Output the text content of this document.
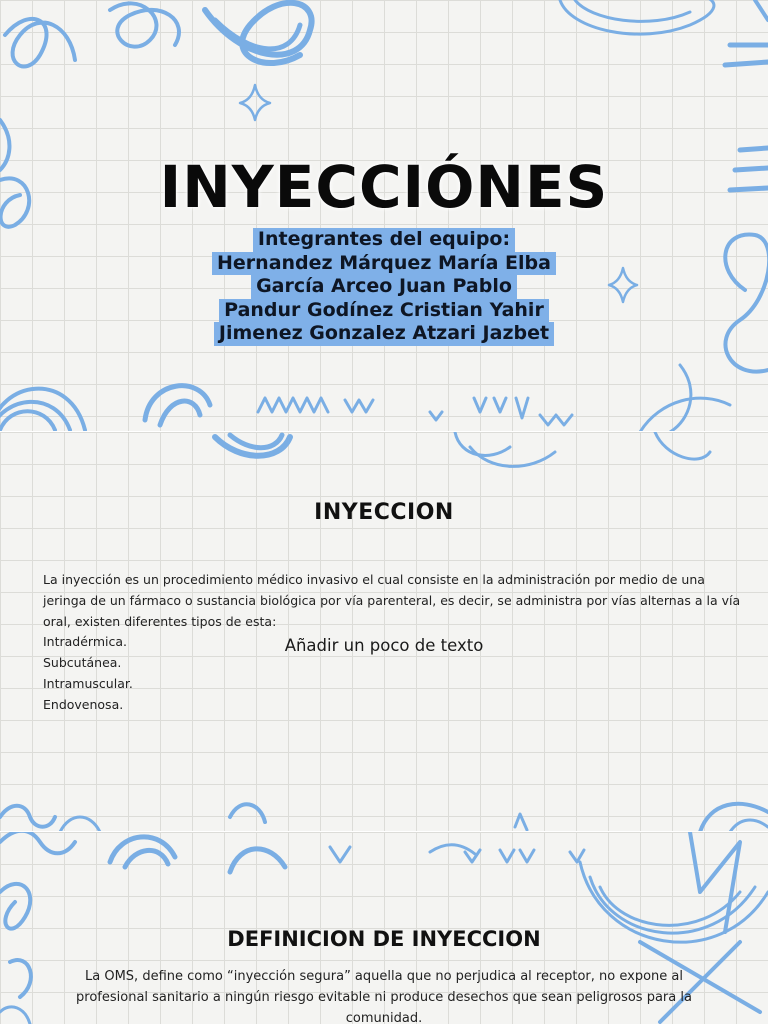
INYECCIÓNES
Integrantes del equipo:
Hernandez Márquez María Elba
García Arceo Juan Pablo
Pandur Godínez Cristian Yahir
Jimenez Gonzalez Atzari Jazbet
INYECCION

La inyección es un procedimiento médico invasivo el cual consiste en la administración por medio de una jeringa de un fármaco o sustancia biológica por vía parenteral, es decir, se administra por vías alternas a la vía oral, existen diferentes tipos de esta:

Intradérmica.
Subcutánea.
Intramuscular.
Endovenosa.
Añadir un poco de texto
DEFINICION DE INYECCION

La OMS, define como “inyección segura” aquella que no perjudica al receptor, no expone al profesional sanitario a ningún riesgo evitable ni produce desechos que sean peligrosos para la comunidad.
